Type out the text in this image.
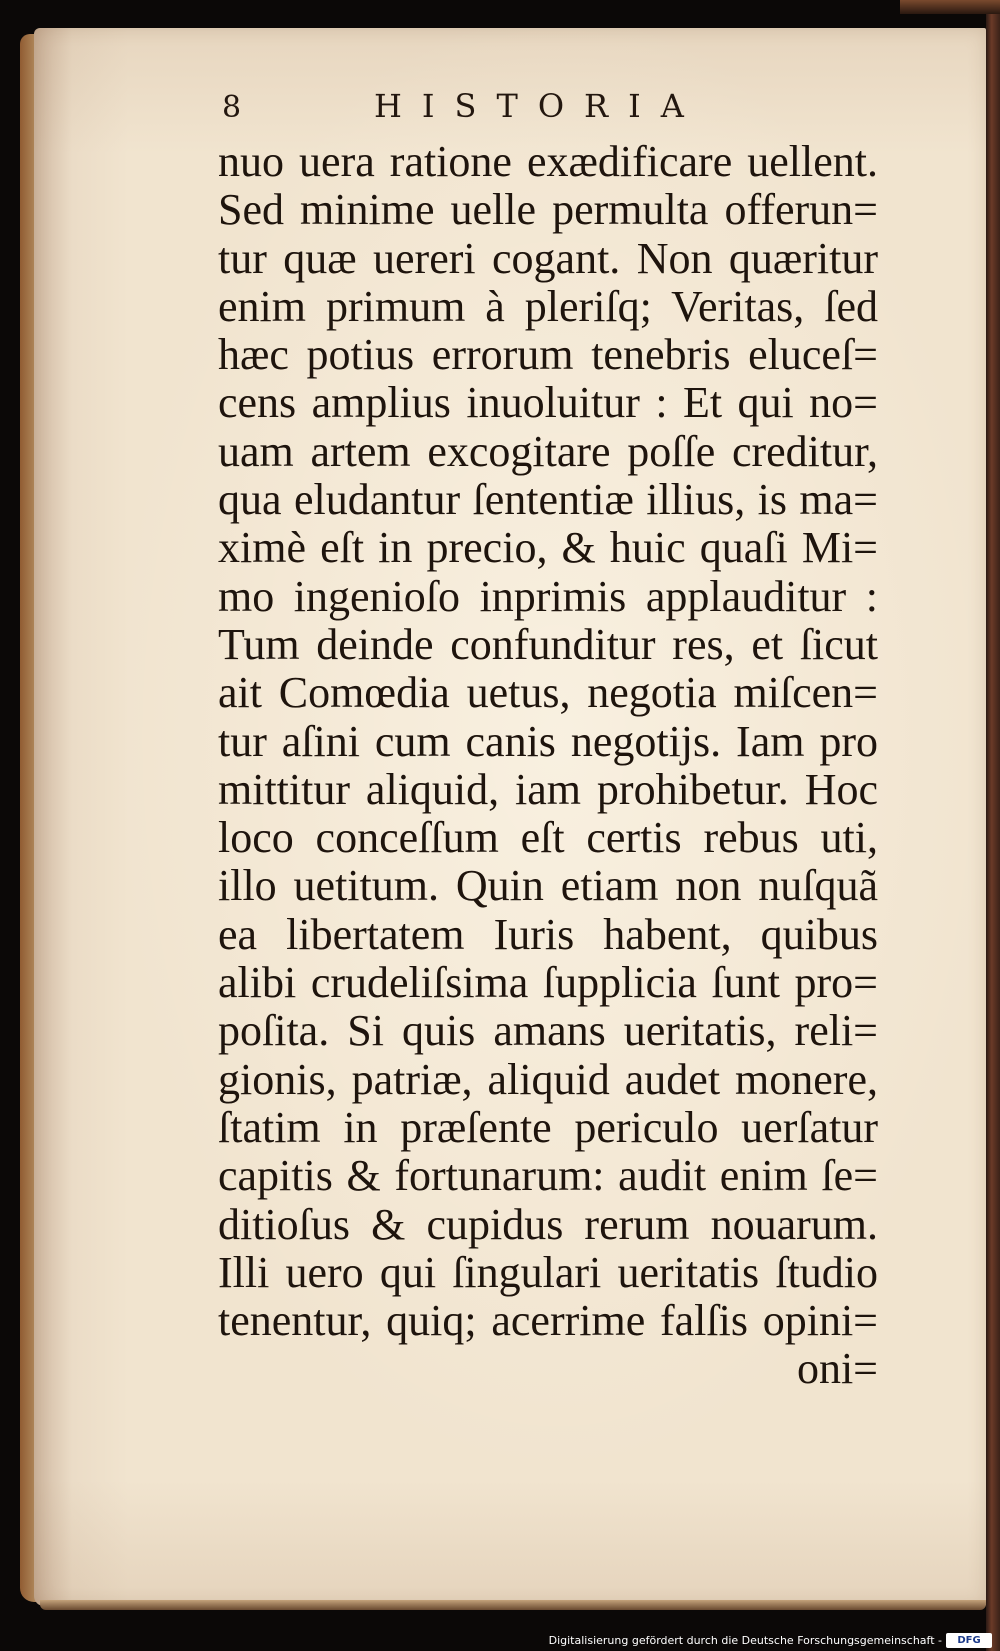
8	HISTORIA
nuo uera ratione exædificare uellent.
Sed minime uelle permulta offerun=
tur quæ uereri cogant. Non quæritur
enim primum à pleriſq; Veritas, ſed
hæc potius errorum tenebris eluceſ=
cens amplius inuoluitur : Et qui no=
uam artem excogitare poſſe creditur,
qua eludantur ſententiæ illius, is ma=
ximè eſt in precio, & huic quaſi Mi=
mo ingenioſo inprimis applauditur :
Tum deinde confunditur res, et ſicut
ait Comœdia uetus, negotia miſcen=
tur aſini cum canis negotijs. Iam pro
mittitur aliquid, iam prohibetur. Hoc
loco conceſſum eſt certis rebus uti,
illo uetitum. Quin etiam non nuſquã
ea libertatem Iuris habent, quibus
alibi crudeliſsima ſupplicia ſunt pro=
poſita. Si quis amans ueritatis, reli=
gionis, patriæ, aliquid audet monere,
ſtatim in præſente periculo uerſatur
capitis & fortunarum: audit enim ſe=
ditioſus & cupidus rerum nouarum.
Illi uero qui ſingulari ueritatis ſtudio
tenentur, quiq; acerrime falſis opini=
oni=
Digitalisierung gefördert durch die Deutsche Forschungsgemeinschaft -	DFG
